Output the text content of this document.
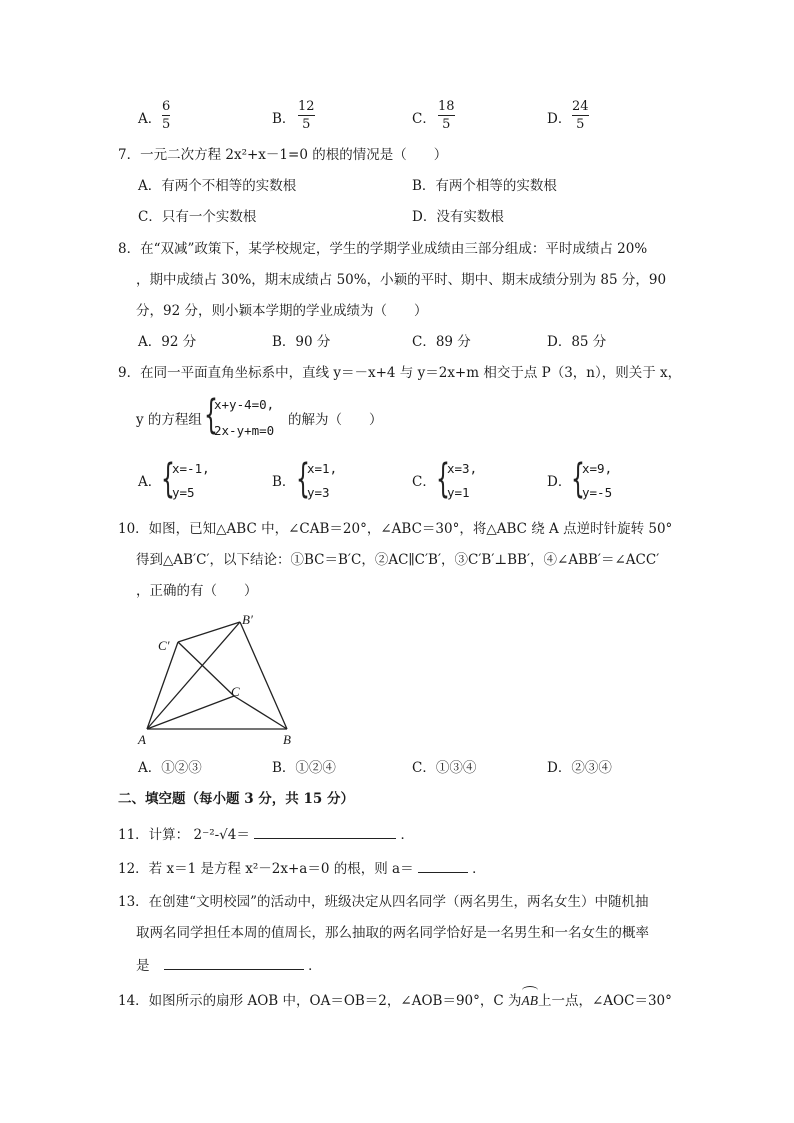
A．
6
5	B．
12
5	C．
18
5	D．
24
5
7．一元二次方程 2x²+x－1=0 的根的情况是（　　）
A．有两个不相等的实数根	B．有两个相等的实数根
C．只有一个实数根	D．没有实数根
8．在“双减”政策下，某学校规定，学生的学期学业成绩由三部分组成：平时成绩占 20%
，期中成绩占 30%，期末成绩占 50%，小颖的平时、期中、期末成绩分别为 85 分，90
分，92 分，则小颖本学期的学业成绩为（　　）
A．92 分	B．90 分	C．89 分	D．85 分
9．在同一平面直角坐标系中，直线 y＝－x+4 与 y＝2x+m 相交于点 P（3，n），则关于 x，
y 的方程组 {
x+y-4=0,
2x-y+m=0
的解为（　　）
A． {
x=-1,
y=5
B． {
x=1,
y=3
C． {
x=3,
y=1
D． {
x=9,
y=-5
10．如图，已知△ABC 中，∠CAB＝20°，∠ABC＝30°，将△ABC 绕 A 点逆时针旋转 50°
得到△AB′C′，以下结论：①BC＝B′C，②AC∥C′B′，③C′B′⊥BB′，④∠ABB′＝∠ACC′
，正确的有（　　）
C′
B′
C
A	B
A．①②③	B．①②④	C．①③④	D．②③④
二、填空题（每小题 3 分，共 15 分）
11．计算： 2⁻²-√4＝	．
12．若 x＝1 是方程 x²－2x+a＝0 的根，则 a＝	．
13．在创建“文明校园”的活动中，班级决定从四名同学（两名男生，两名女生）中随机抽
取两名同学担任本周的值周长，那么抽取的两名同学恰好是一名男生和一名女生的概率
是	．
14．如图所示的扇形 AOB 中，OA＝OB＝2，∠AOB＝90°，C 为
AB上一点，∠AOC＝30°
